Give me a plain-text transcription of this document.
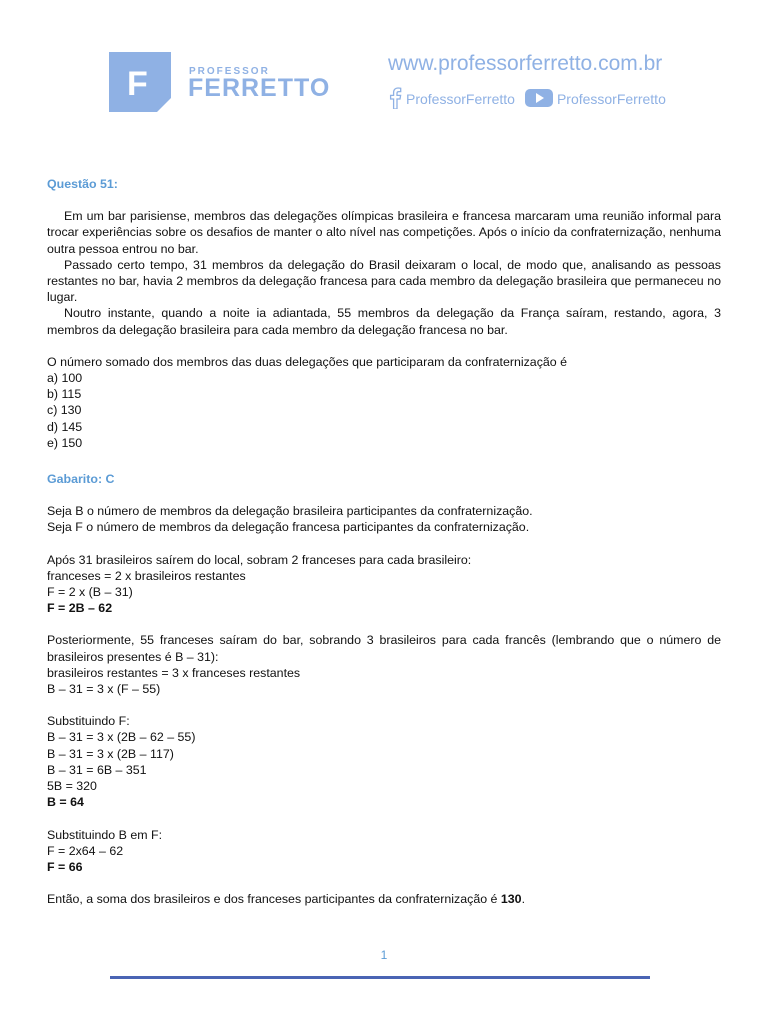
F	PROFESSOR
FERRETTO
www.professorferretto.com.br
ProfessorFerretto	ProfessorFerretto

Questão 51:

Em um bar parisiense, membros das delegações olímpicas brasileira e francesa marcaram uma reunião informal para trocar experiências sobre os desafios de manter o alto nível nas competições. Após o início da confraternização, nenhuma outra pessoa entrou no bar.

Passado certo tempo, 31 membros da delegação do Brasil deixaram o local, de modo que, analisando as pessoas restantes no bar, havia 2 membros da delegação francesa para cada membro da delegação brasileira que permaneceu no lugar.

Noutro instante, quando a noite ia adiantada, 55 membros da delegação da França saíram, restando, agora, 3 membros da delegação brasileira para cada membro da delegação francesa no bar.

O número somado dos membros das duas delegações que participaram da confraternização é

a) 100

b) 115

c) 130

d) 145

e) 150

Gabarito: C

Seja B o número de membros da delegação brasileira participantes da confraternização.

Seja F o número de membros da delegação francesa participantes da confraternização.

Após 31 brasileiros saírem do local, sobram 2 franceses para cada brasileiro:

franceses = 2 x brasileiros restantes

F = 2 x (B – 31)

F = 2B – 62

Posteriormente, 55 franceses saíram do bar, sobrando 3 brasileiros para cada francês (lembrando que o número de brasileiros presentes é B – 31):

brasileiros restantes = 3 x franceses restantes

B – 31 = 3 x (F – 55)

Substituindo F:

B – 31 = 3 x (2B – 62 – 55)

B – 31 = 3 x (2B – 117)

B – 31 = 6B – 351

5B = 320

B = 64

Substituindo B em F:

F = 2x64 – 62

F = 66

Então, a soma dos brasileiros e dos franceses participantes da confraternização é 130.

1
